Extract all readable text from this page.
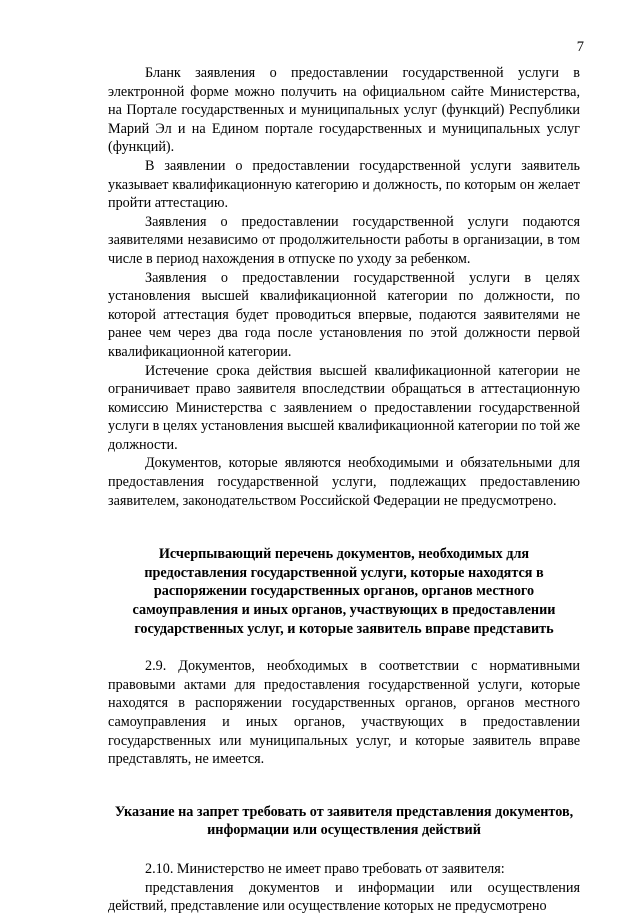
7

Бланк заявления о предоставлении государственной услуги в электронной форме можно получить на официальном сайте Министерства, на Портале государственных и муниципальных услуг (функций) Республики Марий Эл и на Едином портале государственных и муниципальных услуг (функций).

В заявлении о предоставлении государственной услуги заявитель указывает квалификационную категорию и должность, по которым он желает пройти аттестацию.

Заявления о предоставлении государственной услуги подаются заявителями независимо от продолжительности работы в организации, в том числе в период нахождения в отпуске по уходу за ребенком.

Заявления о предоставлении государственной услуги в целях установления высшей квалификационной категории по должности, по которой аттестация будет проводиться впервые, подаются заявителями не ранее чем через два года после установления по этой должности первой квалификационной категории.

Истечение срока действия высшей квалификационной категории не ограничивает право заявителя впоследствии обращаться в аттестационную комиссию Министерства с заявлением о предоставлении государственной услуги в целях установления высшей квалификационной категории по той же должности.

Документов, которые являются необходимыми и обязательными для предоставления государственной услуги, подлежащих предоставлению заявителем, законодательством Российской Федерации не предусмотрено.

Исчерпывающий перечень документов, необходимых для предоставления государственной услуги, которые находятся в распоряжении государственных органов, органов местного самоуправления и иных органов, участвующих в предоставлении государственных услуг, и которые заявитель вправе представить

2.9. Документов, необходимых в соответствии с нормативными правовыми актами для предоставления государственной услуги, которые находятся в распоряжении государственных органов, органов местного самоуправления и иных органов, участвующих в предоставлении государственных или муниципальных услуг, и которые заявитель вправе представлять, не имеется.

Указание на запрет требовать от заявителя представления документов, информации или осуществления действий

2.10. Министерство не имеет право требовать от заявителя:

представления документов и информации или осуществления действий, представление или осуществление которых не предусмотрено
